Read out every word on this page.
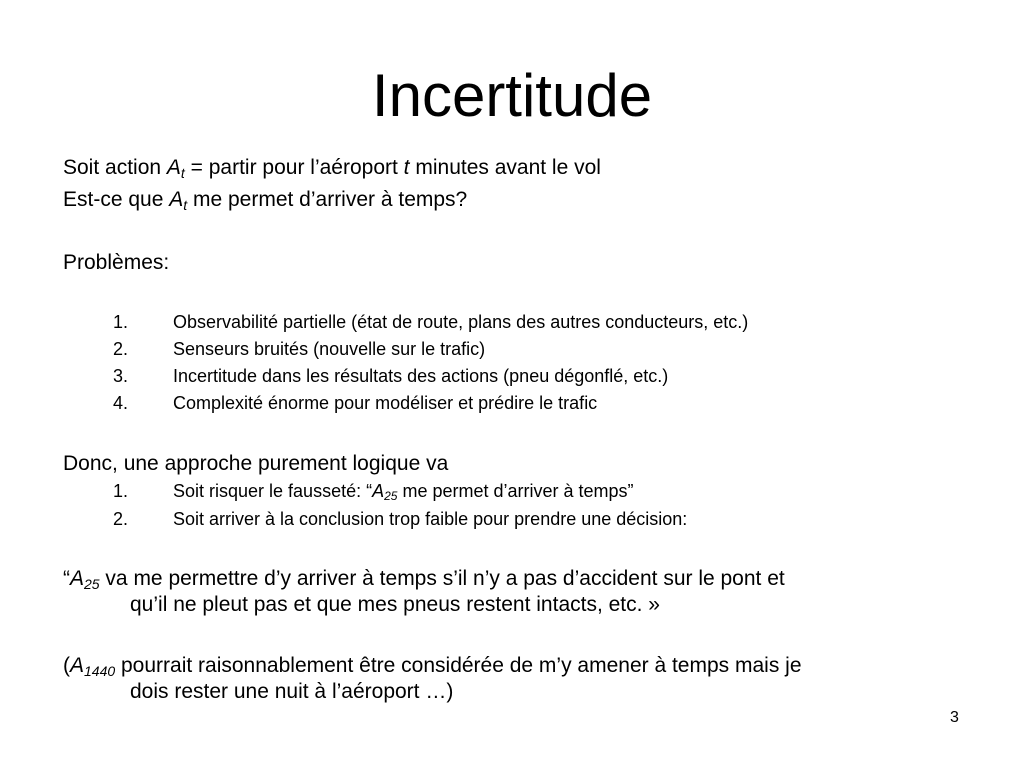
Incertitude
Soit action $A_t$ = partir pour l’aéroport t minutes avant le vol
Est-ce que $A_t$ me permet d’arriver à temps?
Problèmes:
1. Observabilité partielle (état de route, plans des autres conducteurs, etc.)
2. Senseurs bruités (nouvelle sur le trafic)
3. Incertitude dans les résultats des actions (pneu dégonflé, etc.)
4. Complexité énorme pour modéliser et prédire le trafic
Donc, une approche purement logique va
1. Soit risquer le fausseté: “$A_{25}$ me permet d’arriver à temps”
2. Soit arriver à la conclusion trop faible pour prendre une décision:
“$A_{25}$ va me permettre d’y arriver à temps s’il n’y a pas d’accident sur le pont et
qu’il ne pleut pas et que mes pneus restent intacts, etc. »
($A_{1440}$ pourrait raisonnablement être considérée de m’y amener à temps mais je
dois rester une nuit à l’aéroport …)
3
